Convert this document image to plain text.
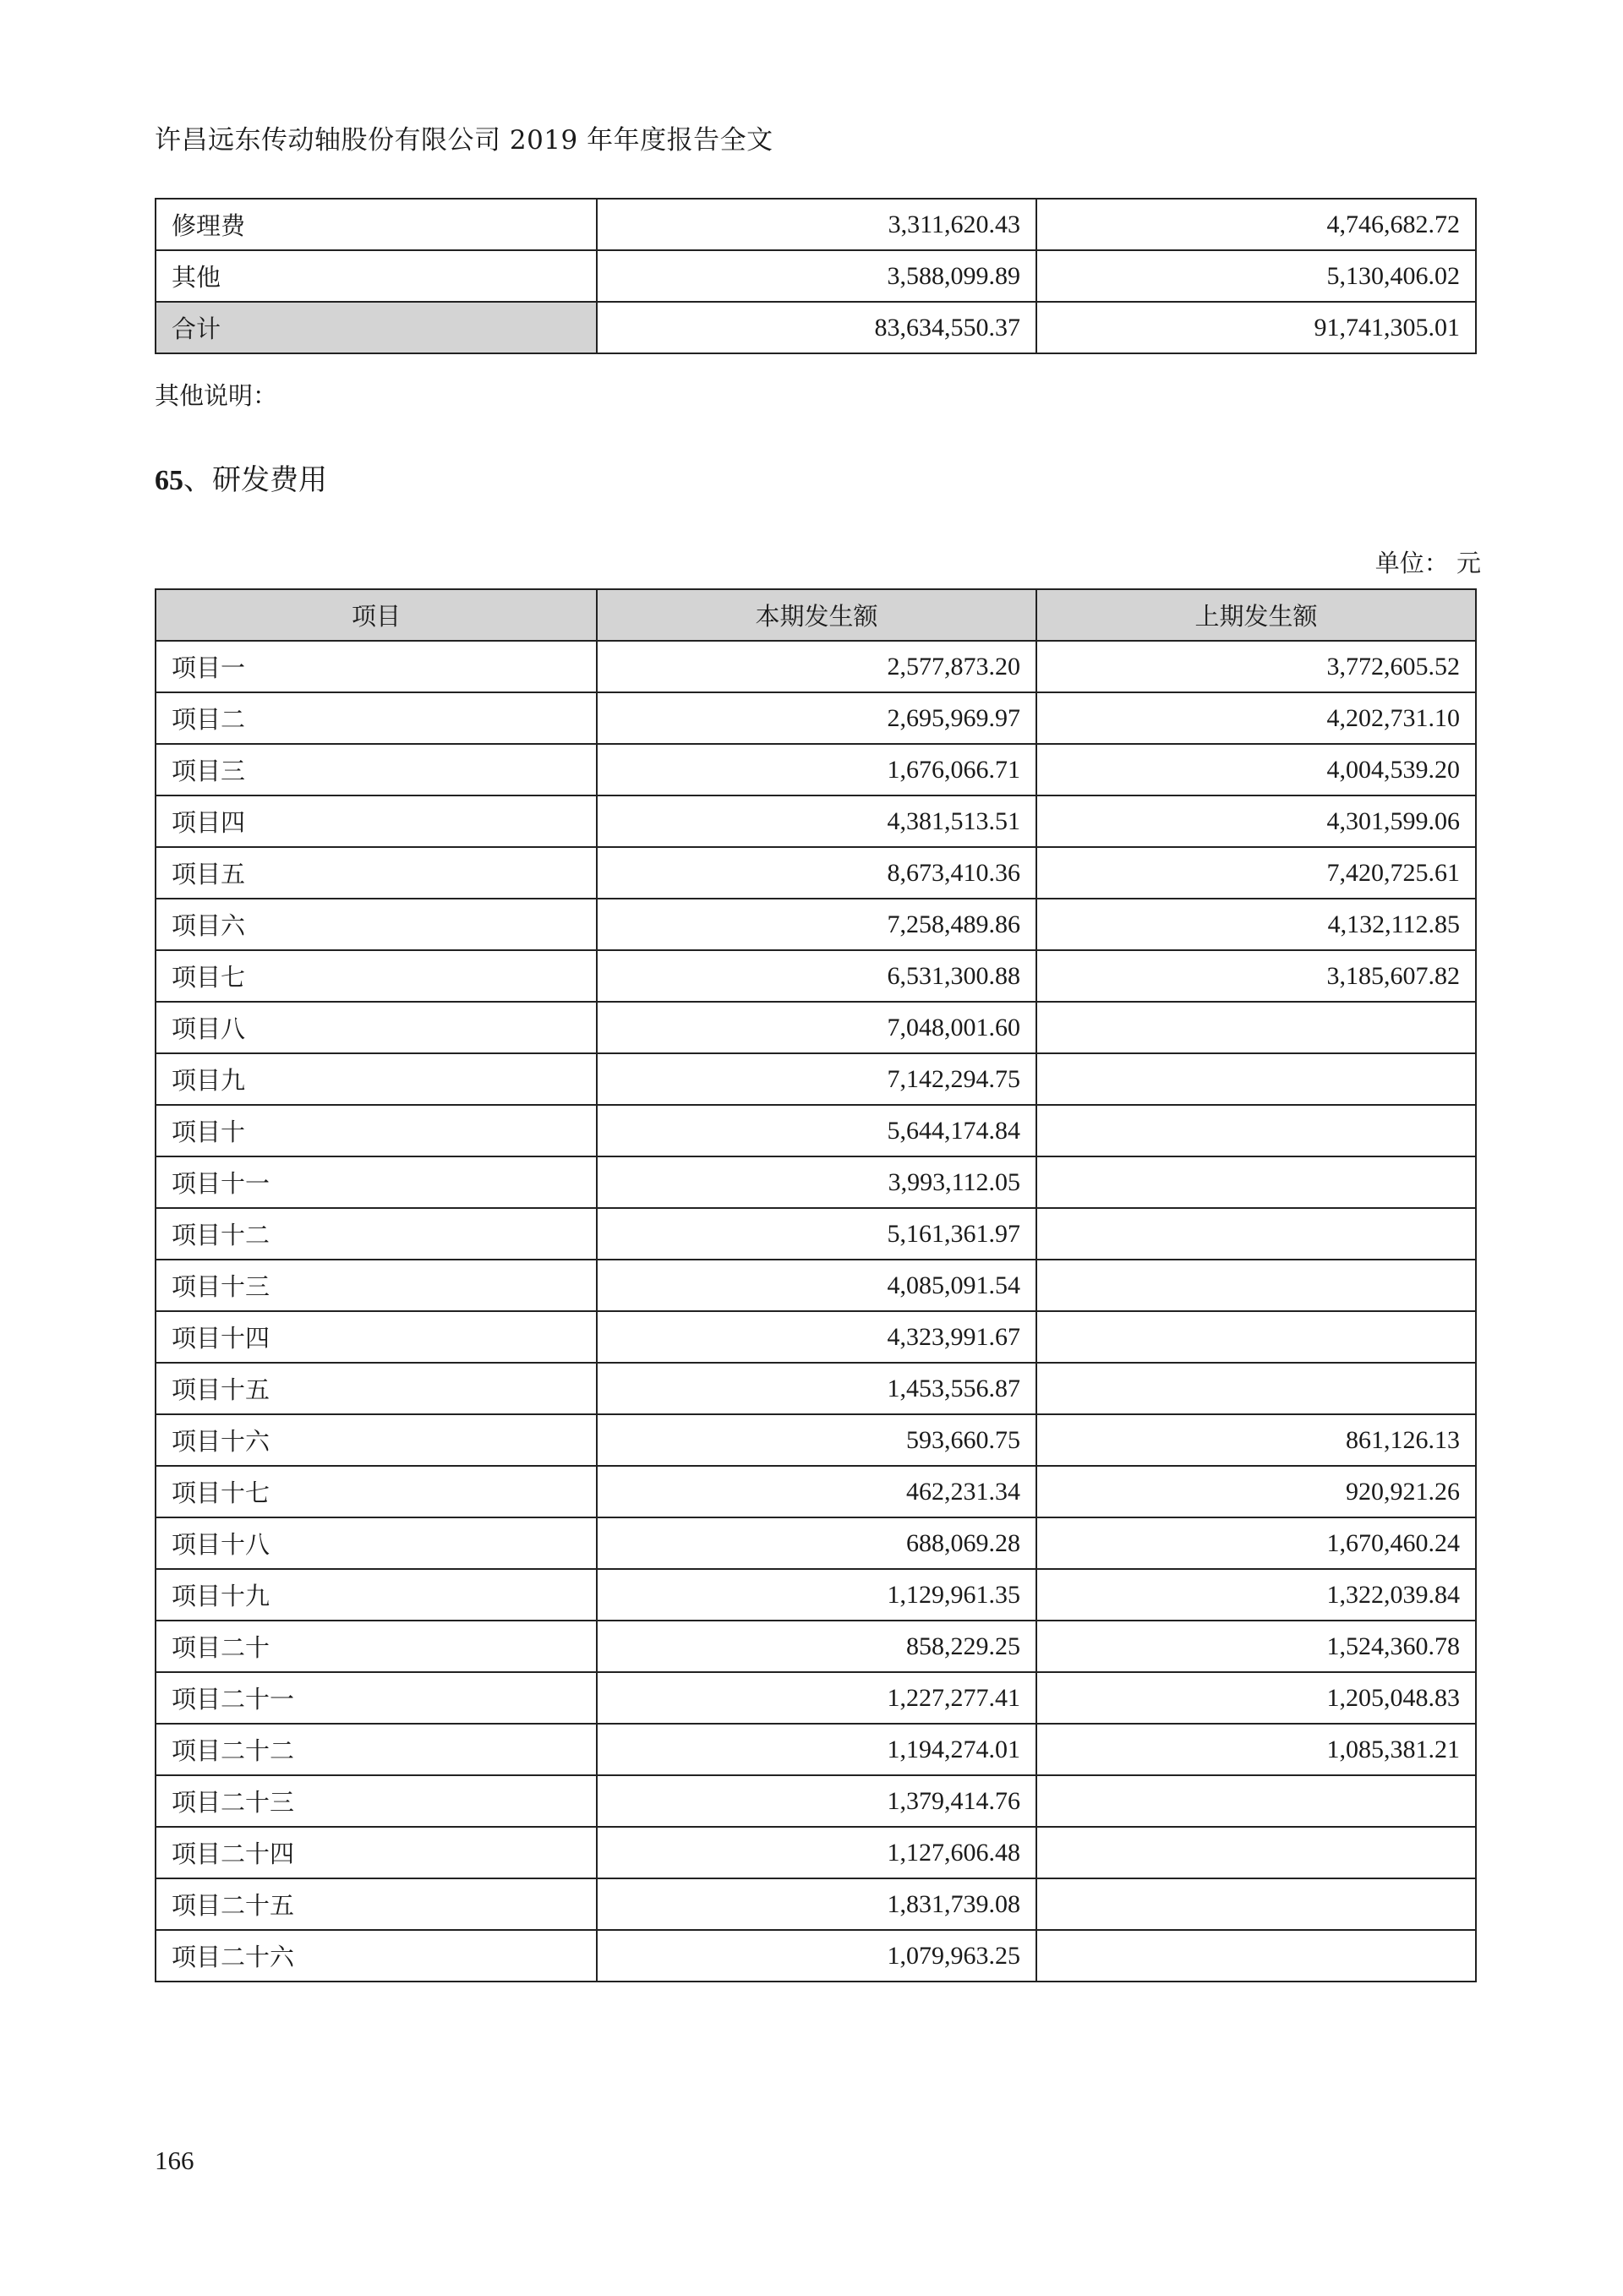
许昌远东传动轴股份有限公司 2019 年年度报告全文
修理费	3,311,620.43	4,746,682.72
其他	3,588,099.89	5,130,406.02
合计	83,634,550.37	91,741,305.01
其他说明：
65、研发费用
单位： 元
项目	本期发生额	上期发生额
项目一	2,577,873.20	3,772,605.52
项目二	2,695,969.97	4,202,731.10
项目三	1,676,066.71	4,004,539.20
项目四	4,381,513.51	4,301,599.06
项目五	8,673,410.36	7,420,725.61
项目六	7,258,489.86	4,132,112.85
项目七	6,531,300.88	3,185,607.82
项目八	7,048,001.60	
项目九	7,142,294.75	
项目十	5,644,174.84	
项目十一	3,993,112.05	
项目十二	5,161,361.97	
项目十三	4,085,091.54	
项目十四	4,323,991.67	
项目十五	1,453,556.87	
项目十六	593,660.75	861,126.13
项目十七	462,231.34	920,921.26
项目十八	688,069.28	1,670,460.24
项目十九	1,129,961.35	1,322,039.84
项目二十	858,229.25	1,524,360.78
项目二十一	1,227,277.41	1,205,048.83
项目二十二	1,194,274.01	1,085,381.21
项目二十三	1,379,414.76	
项目二十四	1,127,606.48	
项目二十五	1,831,739.08	
项目二十六	1,079,963.25	
166
